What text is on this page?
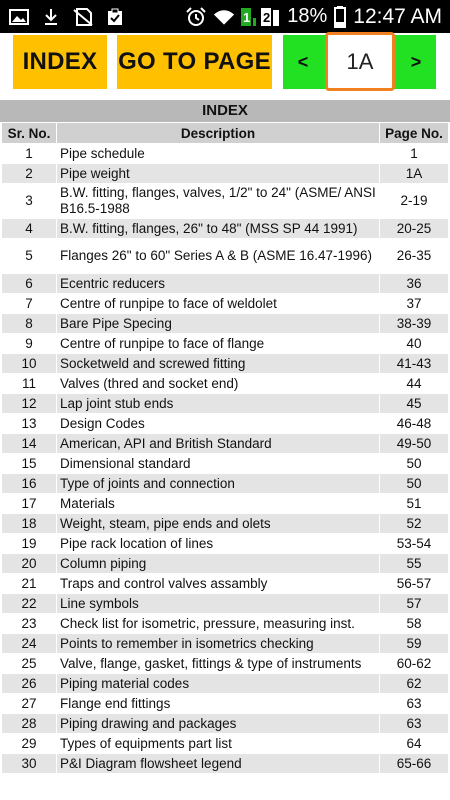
1 2 18% 12:47 AM
INDEX GO TO PAGE	<
1A	>
INDEX
Sr. No.	Description	Page No.
1	Pipe schedule	1
2	Pipe weight	1A
3	B.W. fitting, flanges, valves, 1/2" to 24" (ASME/ ANSI B16.5-1988	2-19
4	B.W. fitting, flanges, 26" to 48" (MSS SP 44 1991)	20-25
5	Flanges 26" to 60" Series A & B (ASME 16.47-1996)	26-35
6	Ecentric reducers	36
7	Centre of runpipe to face of weldolet	37
8	Bare Pipe Specing	38-39
9	Centre of runpipe to face of flange	40
10	Socketweld and screwed fitting	41-43
11	Valves (thred and socket end)	44
12	Lap joint stub ends	45
13	Design Codes	46-48
14	American, API and British Standard	49-50
15	Dimensional standard	50
16	Type of joints and connection	50
17	Materials	51
18	Weight, steam, pipe ends and olets	52
19	Pipe rack location of lines	53-54
20	Column piping	55
21	Traps and control valves assambly	56-57
22	Line symbols	57
23	Check list for isometric, pressure, measuring inst.	58
24	Points to remember in isometrics checking	59
25	Valve, flange, gasket, fittings & type of instruments	60-62
26	Piping material codes	62
27	Flange end fittings	63
28	Piping drawing and packages	63
29	Types of equipments part list	64
30	P&I Diagram flowsheet legend	65-66
